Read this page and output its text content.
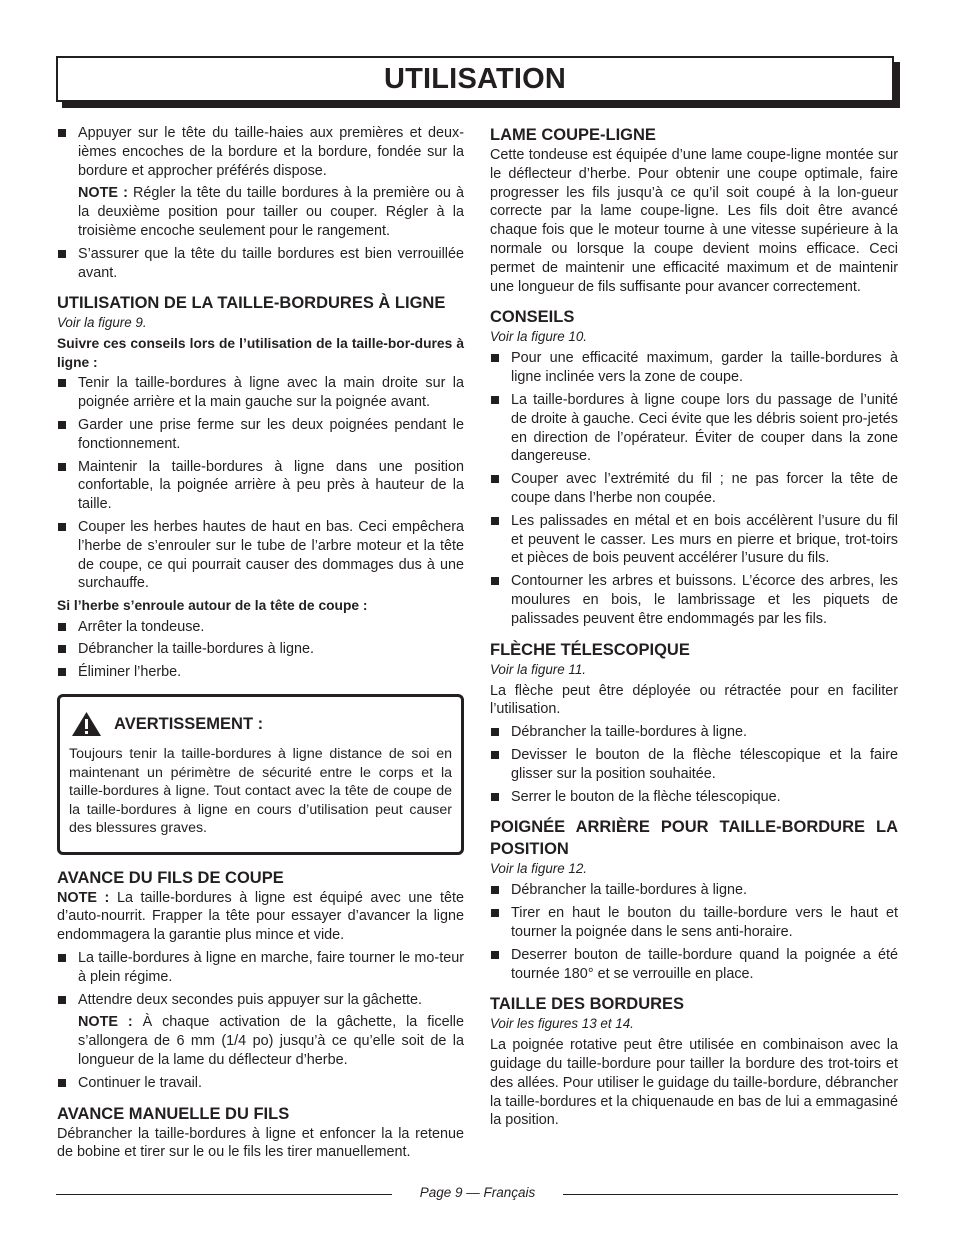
UTILISATION
Appuyer sur le tête du taille-haies aux premières et deux-ièmes encoches de la bordure et la bordure, fondée sur la bordure et approcher préférés dispose.
NOTE : Régler la tête du taille bordures à la première ou à la deuxième position pour tailler ou couper. Régler à la troisième encoche seulement pour le rangement.
S’assurer que la tête du taille bordures est bien verrouillée avant.
UTILISATION DE LA TAILLE-BORDURES À LIGNE
Voir la figure 9.
Suivre ces conseils lors de l’utilisation de la taille-bor-dures à ligne :
Tenir la taille-bordures à ligne avec la main droite sur la poignée arrière et la main gauche sur la poignée avant.
Garder une prise ferme sur les deux poignées pendant le fonctionnement.
Maintenir la taille-bordures à ligne dans une position confortable, la poignée arrière à peu près à hauteur de la taille.
Couper les herbes hautes de haut en bas. Ceci empêchera l’herbe de s’enrouler sur le tube de l’arbre moteur et la tête de coupe, ce qui pourrait causer des dommages dus à une surchauffe.
Si l’herbe s’enroule autour de la tête de coupe :
Arrêter la tondeuse.
Débrancher la taille-bordures à ligne.
Éliminer l’herbe.
AVERTISSEMENT :

Toujours tenir la taille-bordures à ligne distance de soi en maintenant un périmètre de sécurité entre le corps et la taille-bordures à ligne. Tout contact avec la tête de coupe de la taille-bordures à ligne en cours d’utilisation peut causer des blessures graves.

AVANCE DU FILS DE COUPE

NOTE : La taille-bordures à ligne est équipé avec une tête d’auto-nourrit. Frapper la tête pour essayer d’avancer la ligne endommagera la garantie plus mince et vide.

La taille-bordures à ligne en marche, faire tourner le mo-teur à plein régime.
Attendre deux secondes puis appuyer sur la gâchette.
NOTE : À chaque activation de la gâchette, la ficelle s’allongera de 6 mm (1/4 po) jusqu’à ce qu’elle soit de la longueur de la lame du déflecteur d’herbe.
Continuer le travail.
AVANCE MANUELLE DU FILS

Débrancher la taille-bordures à ligne et enfoncer la la retenue de bobine et tirer sur le ou le fils les tirer manuellement.

LAME COUPE-LIGNE

Cette tondeuse est équipée d’une lame coupe-ligne montée sur le déflecteur d’herbe. Pour obtenir une coupe optimale, faire progresser les fils jusqu’à ce qu’il soit coupé à la lon-gueur correcte par la lame coupe-ligne. Les fils doit être avancé chaque fois que le moteur tourne à une vitesse supérieure à la normale ou lorsque la coupe devient moins efficace. Ceci permet de maintenir une efficacité maximum et de maintenir une longueur de fils suffisante pour avancer correctement.

CONSEILS
Voir la figure 10.
Pour une efficacité maximum, garder la taille-bordures à ligne inclinée vers la zone de coupe.
La taille-bordures à ligne coupe lors du passage de l’unité de droite à gauche. Ceci évite que les débris soient pro-jetés en direction de l’opérateur. Éviter de couper dans la zone dangereuse.
Couper avec l’extrémité du fil ; ne pas forcer la tête de coupe dans l’herbe non coupée.
Les palissades en métal et en bois accélèrent l’usure du fil et peuvent le casser. Les murs en pierre et brique, trot-toirs et pièces de bois peuvent accélérer l’usure du fils.
Contourner les arbres et buissons. L’écorce des arbres, les moulures en bois, le lambrissage et les piquets de palissades peuvent être endommagés par les fils.
FLÈCHE TÉLESCOPIQUE
Voir la figure 11.

La flèche peut être déployée ou rétractée pour en faciliter l’utilisation.

Débrancher la taille-bordures à ligne.
Devisser le bouton de la flèche télescopique et la faire glisser sur la position souhaitée.
Serrer le bouton de la flèche télescopique.
POIGNÉE ARRIÈRE POUR TAILLE-BORDURE LA POSITION
Voir la figure 12.
Débrancher la taille-bordures à ligne.
Tirer en haut le bouton du taille-bordure vers le haut et tourner la poignée dans le sens anti-horaire.
Deserrer bouton de taille-bordure quand la poignée a été tournée 180° et se verrouille en place.
TAILLE DES BORDURES
Voir les figures 13 et 14.

La poignée rotative peut être utilisée en combinaison avec la guidage du taille-bordure pour tailler la bordure des trot-toirs et des allées. Pour utiliser le guidage du taille-bordure, débrancher la taille-bordures et la chiquenaude en bas de lui a emmagasiné la position.

Page 9 — Français
